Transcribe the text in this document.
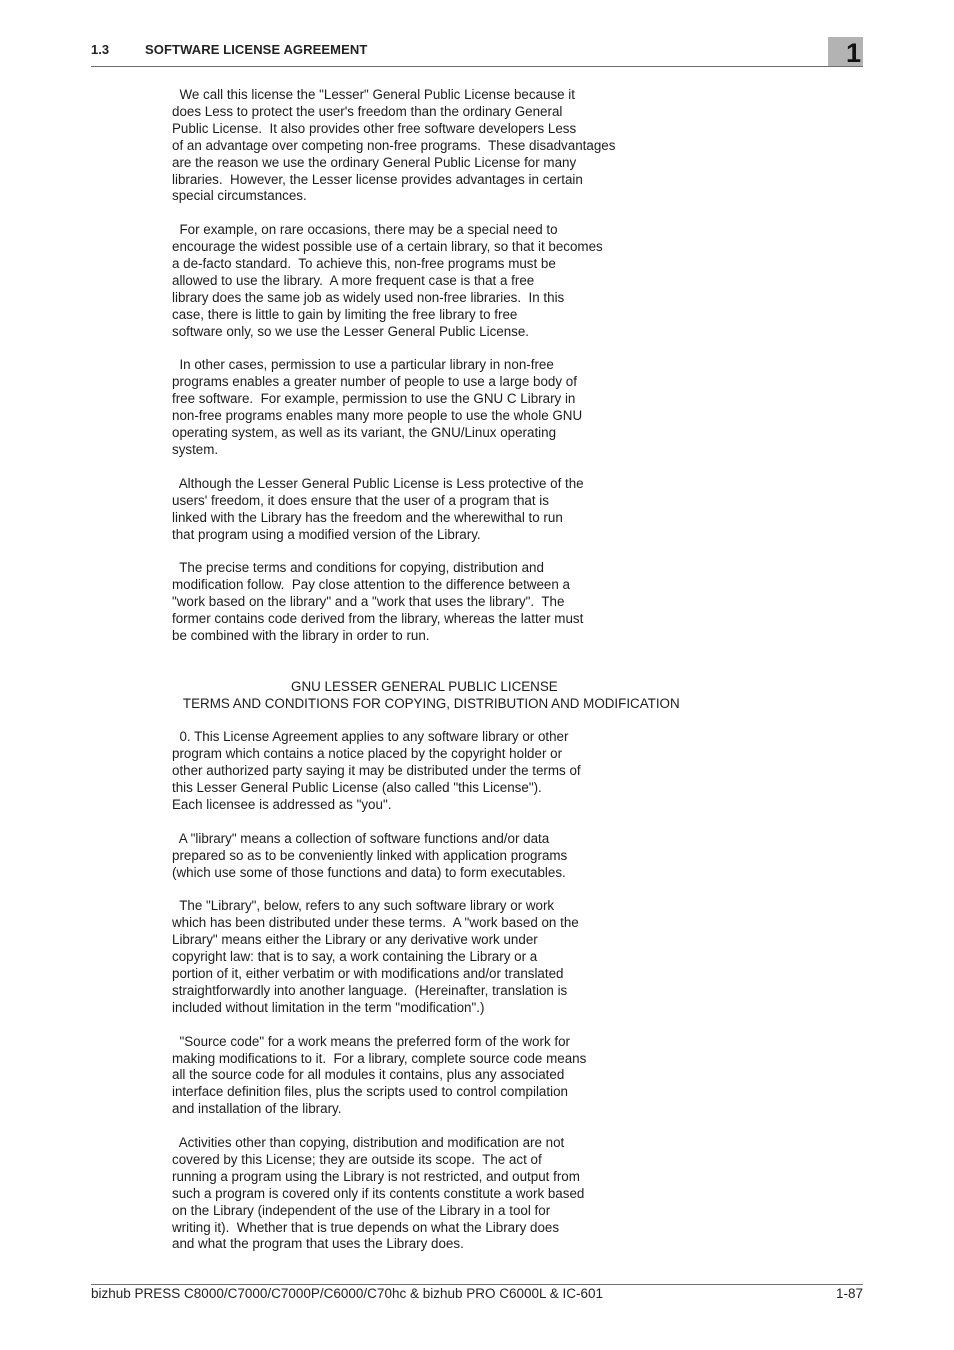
1.3	SOFTWARE LICENSE AGREEMENT	1

We call this license the "Lesser" General Public License because it
does Less to protect the user's freedom than the ordinary General
Public License.  It also provides other free software developers Less
of an advantage over competing non-free programs.  These disadvantages
are the reason we use the ordinary General Public License for many
libraries.  However, the Lesser license provides advantages in certain
special circumstances.

For example, on rare occasions, there may be a special need to
encourage the widest possible use of a certain library, so that it becomes
a de-facto standard.  To achieve this, non-free programs must be
allowed to use the library.  A more frequent case is that a free
library does the same job as widely used non-free libraries.  In this
case, there is little to gain by limiting the free library to free
software only, so we use the Lesser General Public License.

In other cases, permission to use a particular library in non-free
programs enables a greater number of people to use a large body of
free software.  For example, permission to use the GNU C Library in
non-free programs enables many more people to use the whole GNU
operating system, as well as its variant, the GNU/Linux operating
system.

Although the Lesser General Public License is Less protective of the
users' freedom, it does ensure that the user of a program that is
linked with the Library has the freedom and the wherewithal to run
that program using a modified version of the Library.

The precise terms and conditions for copying, distribution and
modification follow.  Pay close attention to the difference between a
"work based on the library" and a "work that uses the library".  The
former contains code derived from the library, whereas the latter must
be combined with the library in order to run.

GNU LESSER GENERAL PUBLIC LICENSE

TERMS AND CONDITIONS FOR COPYING, DISTRIBUTION AND MODIFICATION

0. This License Agreement applies to any software library or other
program which contains a notice placed by the copyright holder or
other authorized party saying it may be distributed under the terms of
this Lesser General Public License (also called "this License").
Each licensee is addressed as "you".

A "library" means a collection of software functions and/or data
prepared so as to be conveniently linked with application programs
(which use some of those functions and data) to form executables.

The "Library", below, refers to any such software library or work
which has been distributed under these terms.  A "work based on the
Library" means either the Library or any derivative work under
copyright law: that is to say, a work containing the Library or a
portion of it, either verbatim or with modifications and/or translated
straightforwardly into another language.  (Hereinafter, translation is
included without limitation in the term "modification".)

"Source code" for a work means the preferred form of the work for
making modifications to it.  For a library, complete source code means
all the source code for all modules it contains, plus any associated
interface definition files, plus the scripts used to control compilation
and installation of the library.

Activities other than copying, distribution and modification are not
covered by this License; they are outside its scope.  The act of
running a program using the Library is not restricted, and output from
such a program is covered only if its contents constitute a work based
on the Library (independent of the use of the Library in a tool for
writing it).  Whether that is true depends on what the Library does
and what the program that uses the Library does.

bizhub PRESS C8000/C7000/C7000P/C6000/C70hc & bizhub PRO C6000L & IC-601	1-87
